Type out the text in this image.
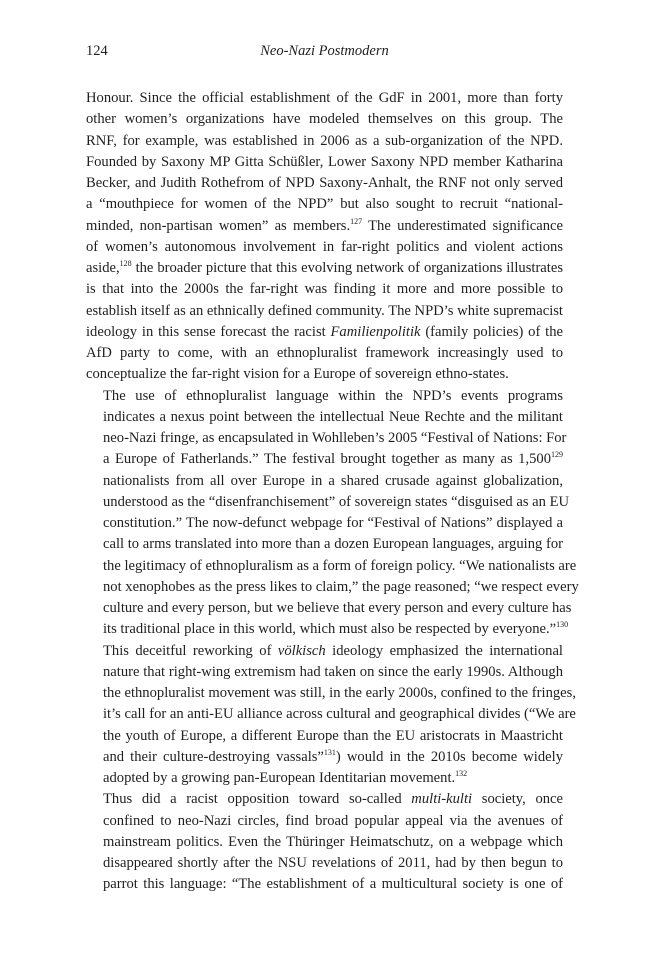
124	Neo-Nazi Postmodern

Honour. Since the official establishment of the GdF in 2001, more than forty
other women’s organizations have modeled themselves on this group. The
RNF, for example, was established in 2006 as a sub-organization of the NPD.
Founded by Saxony MP Gitta Schüßler, Lower Saxony NPD member Katharina
Becker, and Judith Rothefrom of NPD Saxony-Anhalt, the RNF not only served
a “mouthpiece for women of the NPD” but also sought to recruit “national-
minded, non-partisan women” as members.$^{127}$ The underestimated significance
of women’s autonomous involvement in far-right politics and violent actions
aside,$^{128}$ the broader picture that this evolving network of organizations illustrates
is that into the 2000s the far-right was finding it more and more possible to
establish itself as an ethnically defined community. The NPD’s white supremacist
ideology in this sense forecast the racist Familienpolitik (family policies) of the
AfD party to come, with an ethnopluralist framework increasingly used to
conceptualize the far-right vision for a Europe of sovereign ethno-states.

The use of ethnopluralist language within the NPD’s events programs
indicates a nexus point between the intellectual Neue Rechte and the militant
neo-Nazi fringe, as encapsulated in Wohlleben’s 2005 “Festival of Nations: For
a Europe of Fatherlands.” The festival brought together as many as 1,500$^{129}$
nationalists from all over Europe in a shared crusade against globalization,
understood as the “disenfranchisement” of sovereign states “disguised as an EU
constitution.” The now-defunct webpage for “Festival of Nations” displayed a
call to arms translated into more than a dozen European languages, arguing for
the legitimacy of ethnopluralism as a form of foreign policy. “We nationalists are
not xenophobes as the press likes to claim,” the page reasoned; “we respect every
culture and every person, but we believe that every person and every culture has
its traditional place in this world, which must also be respected by everyone.”$^{130}$
This deceitful reworking of völkisch ideology emphasized the international
nature that right-wing extremism had taken on since the early 1990s. Although
the ethnopluralist movement was still, in the early 2000s, confined to the fringes,
it’s call for an anti-EU alliance across cultural and geographical divides (“We are
the youth of Europe, a different Europe than the EU aristocrats in Maastricht
and their culture-destroying vassals”$^{131}$) would in the 2010s become widely
adopted by a growing pan-European Identitarian movement.$^{132}$

Thus did a racist opposition toward so-called multi-kulti society, once
confined to neo-Nazi circles, find broad popular appeal via the avenues of
mainstream politics. Even the Thüringer Heimatschutz, on a webpage which
disappeared shortly after the NSU revelations of 2011, had by then begun to
parrot this language: “The establishment of a multicultural society is one of
